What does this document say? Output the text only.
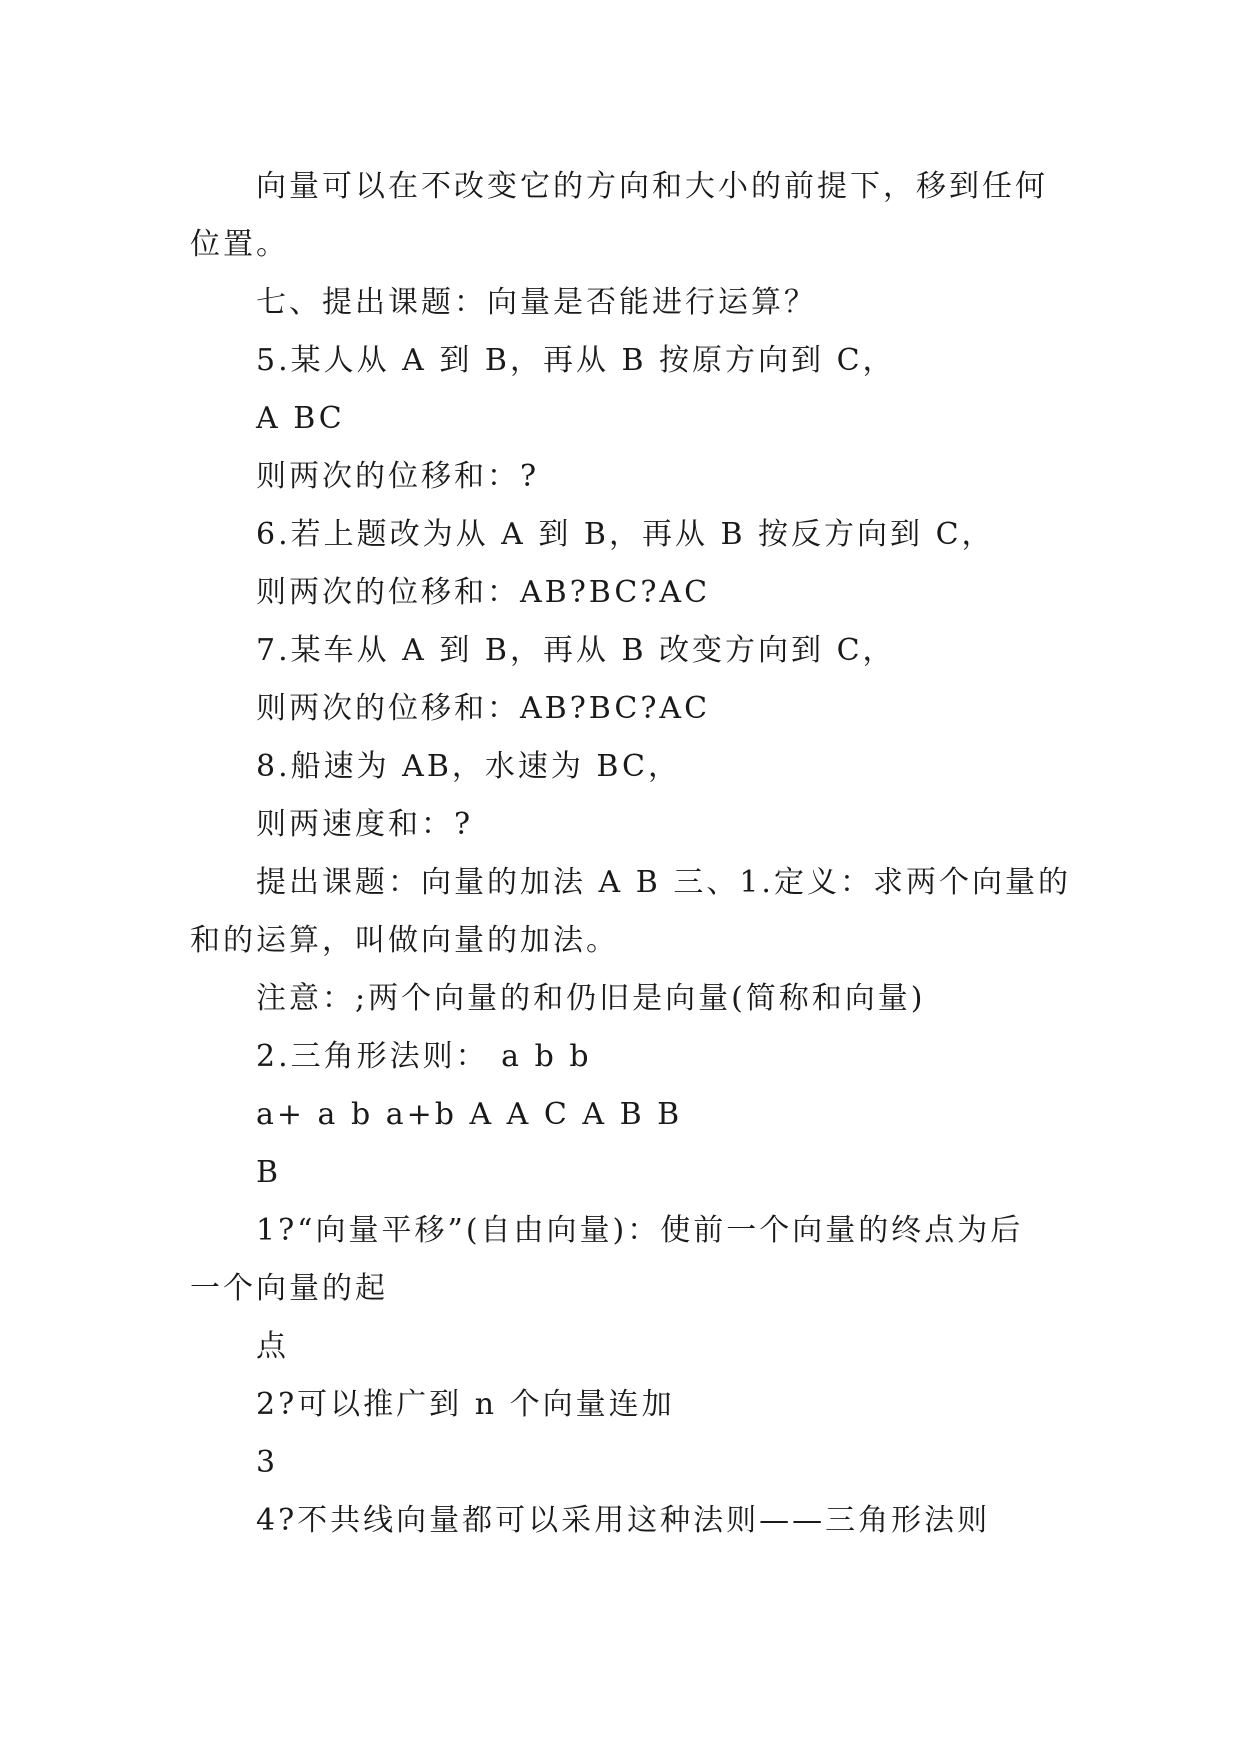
向量可以在不改变它的方向和大小的前提下，移到任何
位置。
七、提出课题：向量是否能进行运算？
5.某人从 A 到 B，再从 B 按原方向到 C，
A BC
则两次的位移和：?
6.若上题改为从 A 到 B，再从 B 按反方向到 C，
则两次的位移和：AB?BC?AC
7.某车从 A 到 B，再从 B 改变方向到 C，
则两次的位移和：AB?BC?AC
8.船速为 AB，水速为 BC，
则两速度和：?
提出课题：向量的加法 A B 三、1.定义：求两个向量的
和的运算，叫做向量的加法。
注意：;两个向量的和仍旧是向量(简称和向量)
2.三角形法则： a b b
a+ a b a+b A A C A B B
B
1?“向量平移”(自由向量)：使前一个向量的终点为后
一个向量的起
点
2?可以推广到 n 个向量连加
3
4?不共线向量都可以采用这种法则——三角形法则
